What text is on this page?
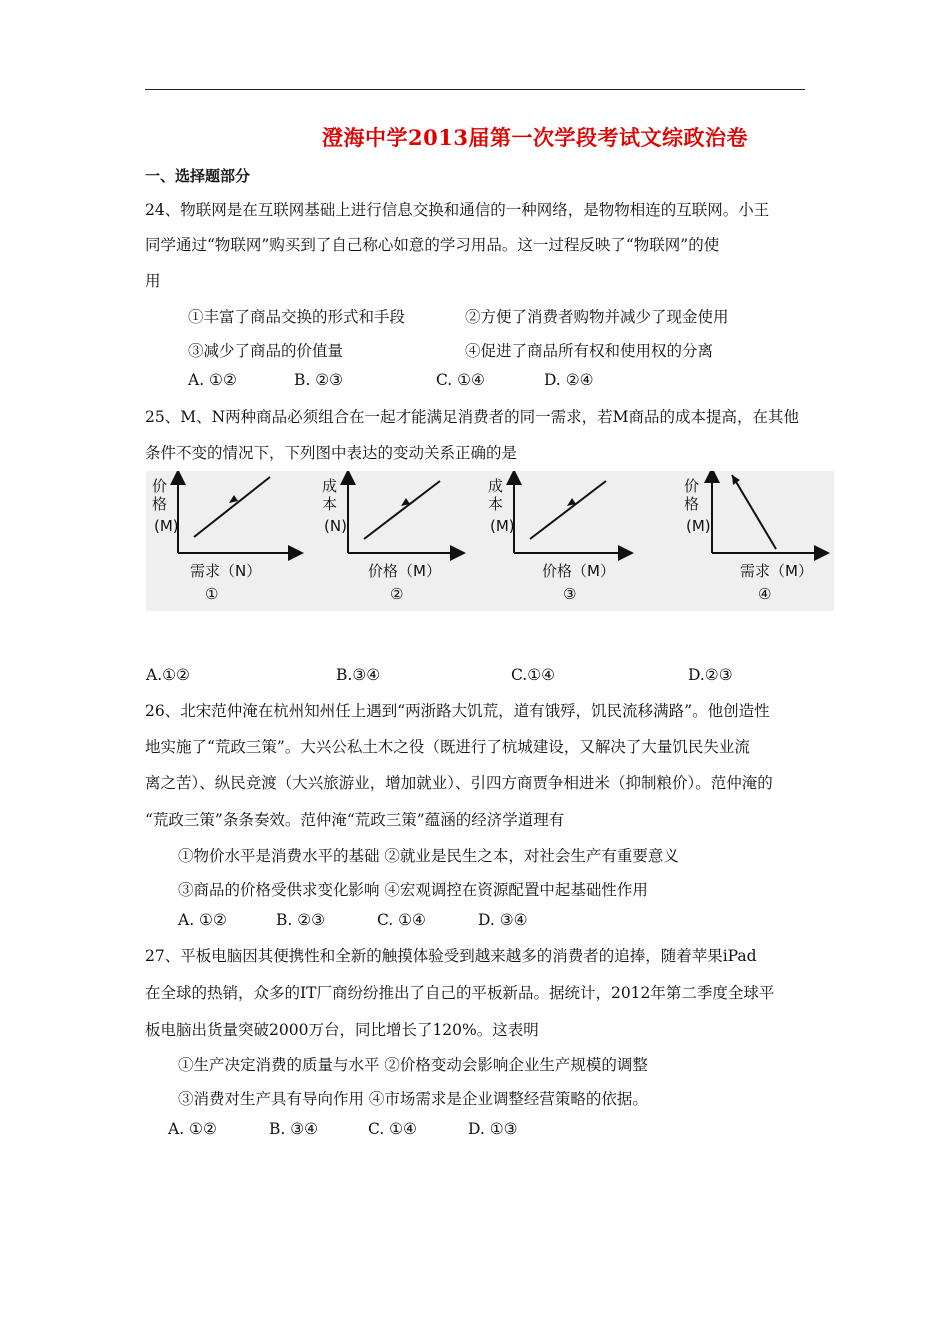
澄海中学2013届第一次学段考试文综政治卷
一、选择题部分
24、物联网是在互联网基础上进行信息交换和通信的一种网络，是物物相连的互联网。小王
同学通过“物联网”购买到了自己称心如意的学习用品。这一过程反映了“物联网”的使
用
①丰富了商品交换的形式和手段	②方便了消费者购物并减少了现金使用
③减少了商品的价值量	④促进了商品所有权和使用权的分离
A. ①②	B. ②③	C. ①④	D. ②④
25、M、N两种商品必须组合在一起才能满足消费者的同一需求，若M商品的成本提高，在其他
条件不变的情况下，下列图中表达的变动关系正确的是
价
格
(M)
需求（N）
①
成
本
(N)
价格（M）
②
成
本
(M)
价格（M）
③
价
格
(M)
需求（M）
④
A.①②	B.③④	C.①④	D.②③
26、北宋范仲淹在杭州知州任上遇到“两浙路大饥荒，道有饿殍，饥民流移满路”。他创造性
地实施了“荒政三策”。大兴公私土木之役（既进行了杭城建设，又解决了大量饥民失业流
离之苦）、纵民竞渡（大兴旅游业，增加就业）、引四方商贾争相进米（抑制粮价）。范仲淹的
“荒政三策”条条奏效。范仲淹“荒政三策”蕴涵的经济学道理有
①物价水平是消费水平的基础 ②就业是民生之本，对社会生产有重要意义
③商品的价格受供求变化影响 ④宏观调控在资源配置中起基础性作用
A. ①②	B. ②③	C. ①④	D. ③④
27、平板电脑因其便携性和全新的触摸体验受到越来越多的消费者的追捧，随着苹果iPad
在全球的热销，众多的IT厂商纷纷推出了自己的平板新品。据统计，2012年第二季度全球平
板电脑出货量突破2000万台，同比增长了120%。这表明
①生产决定消费的质量与水平 ②价格变动会影响企业生产规模的调整
③消费对生产具有导向作用 ④市场需求是企业调整经营策略的依据。
A. ①②	B. ③④	C. ①④	D. ①③
